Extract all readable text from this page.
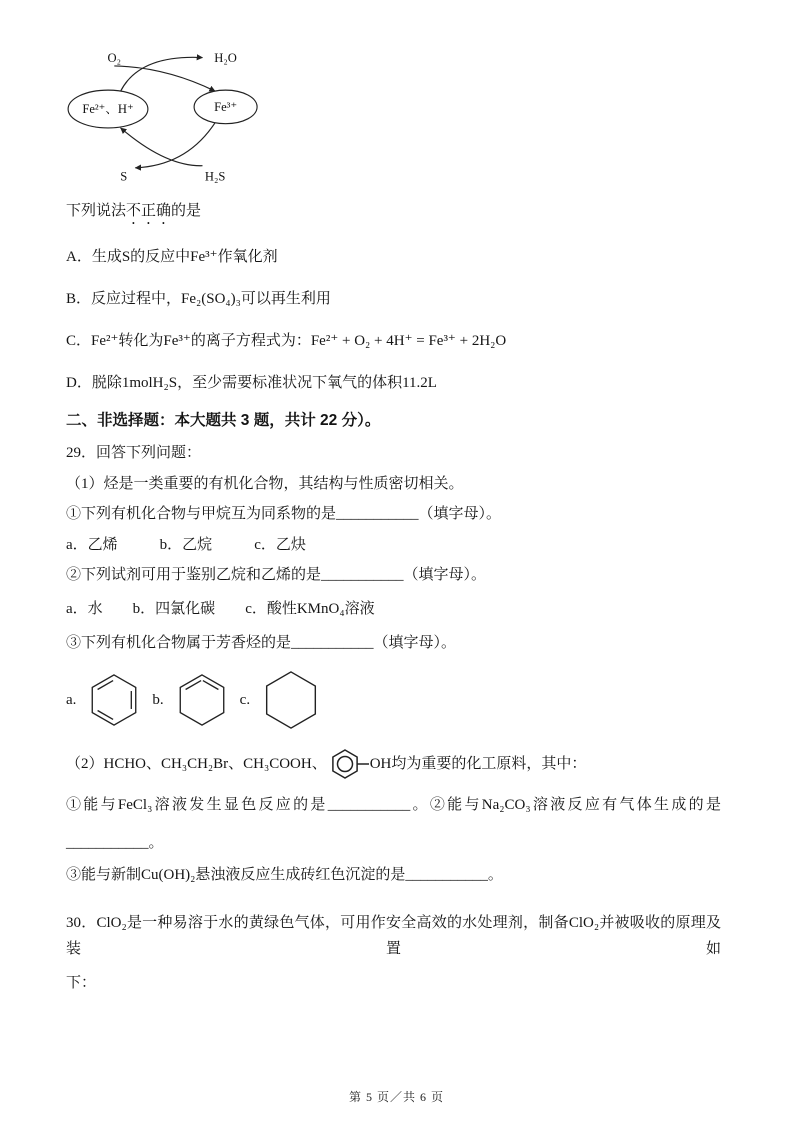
Fe²⁺、H⁺	Fe³⁺
O₂	H₂O
S	H₂S

下列说法不正确的是

A．生成S的反应中Fe³⁺作氧化剂

B．反应过程中，Fe₂(SO₄)₃可以再生利用

C．Fe²⁺转化为Fe³⁺的离子方程式为：Fe²⁺ + O₂ + 4H⁺ = Fe³⁺ + 2H₂O

D．脱除1molH₂S，至少需要标准状况下氧气的体积11.2L

二、非选择题：本大题共 3 题，共计 22 分）。

29．回答下列问题：

（1）烃是一类重要的有机化合物，其结构与性质密切相关。

①下列有机化合物与甲烷互为同系物的是___________（填字母）。

a．乙烯	b．乙烷	c．乙炔

②下列试剂可用于鉴别乙烷和乙烯的是___________（填字母）。

a．水 b．四氯化碳 c．酸性KMnO₄溶液

③下列有机化合物属于芳香烃的是___________（填字母）。

a.	b.	c.
（2）HCHO、CH₃CH₂Br、CH₃COOH、	OH 均为重要的化工原料，其中：

①能与FeCl₃溶液发生显色反应的是___________。②能与Na₂CO₃溶液反应有气体生成的是

___________。

③能与新制Cu(OH)₂悬浊液反应生成砖红色沉淀的是___________。

30．ClO₂是一种易溶于水的黄绿色气体，可用作安全高效的水处理剂，制备ClO₂并被吸收的原理及装置如

下：

第 5 页／共 6 页
